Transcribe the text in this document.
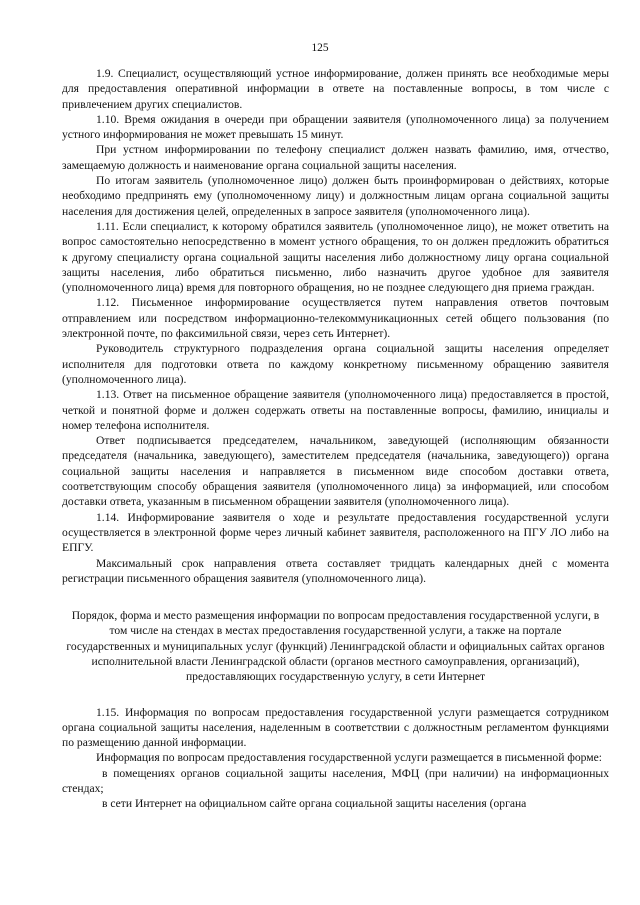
125

1.9. Специалист, осуществляющий устное информирование, должен принять все необходимые меры для предоставления оперативной информации в ответе на поставленные вопросы, в том числе с привлечением других специалистов.

1.10. Время ожидания в очереди при обращении заявителя (уполномоченного лица) за получением устного информирования не может превышать 15 минут.

При устном информировании по телефону специалист должен назвать фамилию, имя, отчество, замещаемую должность и наименование органа социальной защиты населения.

По итогам заявитель (уполномоченное лицо) должен быть проинформирован о действиях, которые необходимо предпринять ему (уполномоченному лицу) и должностным лицам органа социальной защиты населения для достижения целей, определенных в запросе заявителя (уполномоченного лица).

1.11. Если специалист, к которому обратился заявитель (уполномоченное лицо), не может ответить на вопрос самостоятельно непосредственно в момент устного обращения, то он должен предложить обратиться к другому специалисту органа социальной защиты населения либо должностному лицу органа социальной защиты населения, либо обратиться письменно, либо назначить другое удобное для заявителя (уполномоченного лица) время для повторного обращения, но не позднее следующего дня приема граждан.

1.12. Письменное информирование осуществляется путем направления ответов почтовым отправлением или посредством информационно-телекоммуникационных сетей общего пользования (по электронной почте, по факсимильной связи, через сеть Интернет).

Руководитель структурного подразделения органа социальной защиты населения определяет исполнителя для подготовки ответа по каждому конкретному письменному обращению заявителя (уполномоченного лица).

1.13. Ответ на письменное обращение заявителя (уполномоченного лица) предоставляется в простой, четкой и понятной форме и должен содержать ответы на поставленные вопросы, фамилию, инициалы и номер телефона исполнителя.

Ответ подписывается председателем, начальником, заведующей (исполняющим обязанности председателя (начальника, заведующего), заместителем председателя (начальника, заведующего)) органа социальной защиты населения и направляется в письменном виде способом доставки ответа, соответствующим способу обращения заявителя (уполномоченного лица) за информацией, или способом доставки ответа, указанным в письменном обращении заявителя (уполномоченного лица).

1.14. Информирование заявителя о ходе и результате предоставления государственной услуги осуществляется в электронной форме через личный кабинет заявителя, расположенного на ПГУ ЛО либо на ЕПГУ.

Максимальный срок направления ответа составляет тридцать календарных дней с момента регистрации письменного обращения заявителя (уполномоченного лица).

Порядок, форма и место размещения информации по вопросам предоставления государственной услуги, в том числе на стендах в местах предоставления государственной услуги, а также на портале государственных и муниципальных услуг (функций) Ленинградской области и официальных сайтах органов исполнительной власти Ленинградской области (органов местного самоуправления, организаций), предоставляющих государственную услугу, в сети Интернет

1.15. Информация по вопросам предоставления государственной услуги размещается сотрудником органа социальной защиты населения, наделенным в соответствии с должностным регламентом функциями по размещению данной информации.

Информация по вопросам предоставления государственной услуги размещается в письменной форме:

в помещениях органов социальной защиты населения, МФЦ (при наличии) на информационных стендах;

в сети Интернет на официальном сайте органа социальной защиты населения (органа
